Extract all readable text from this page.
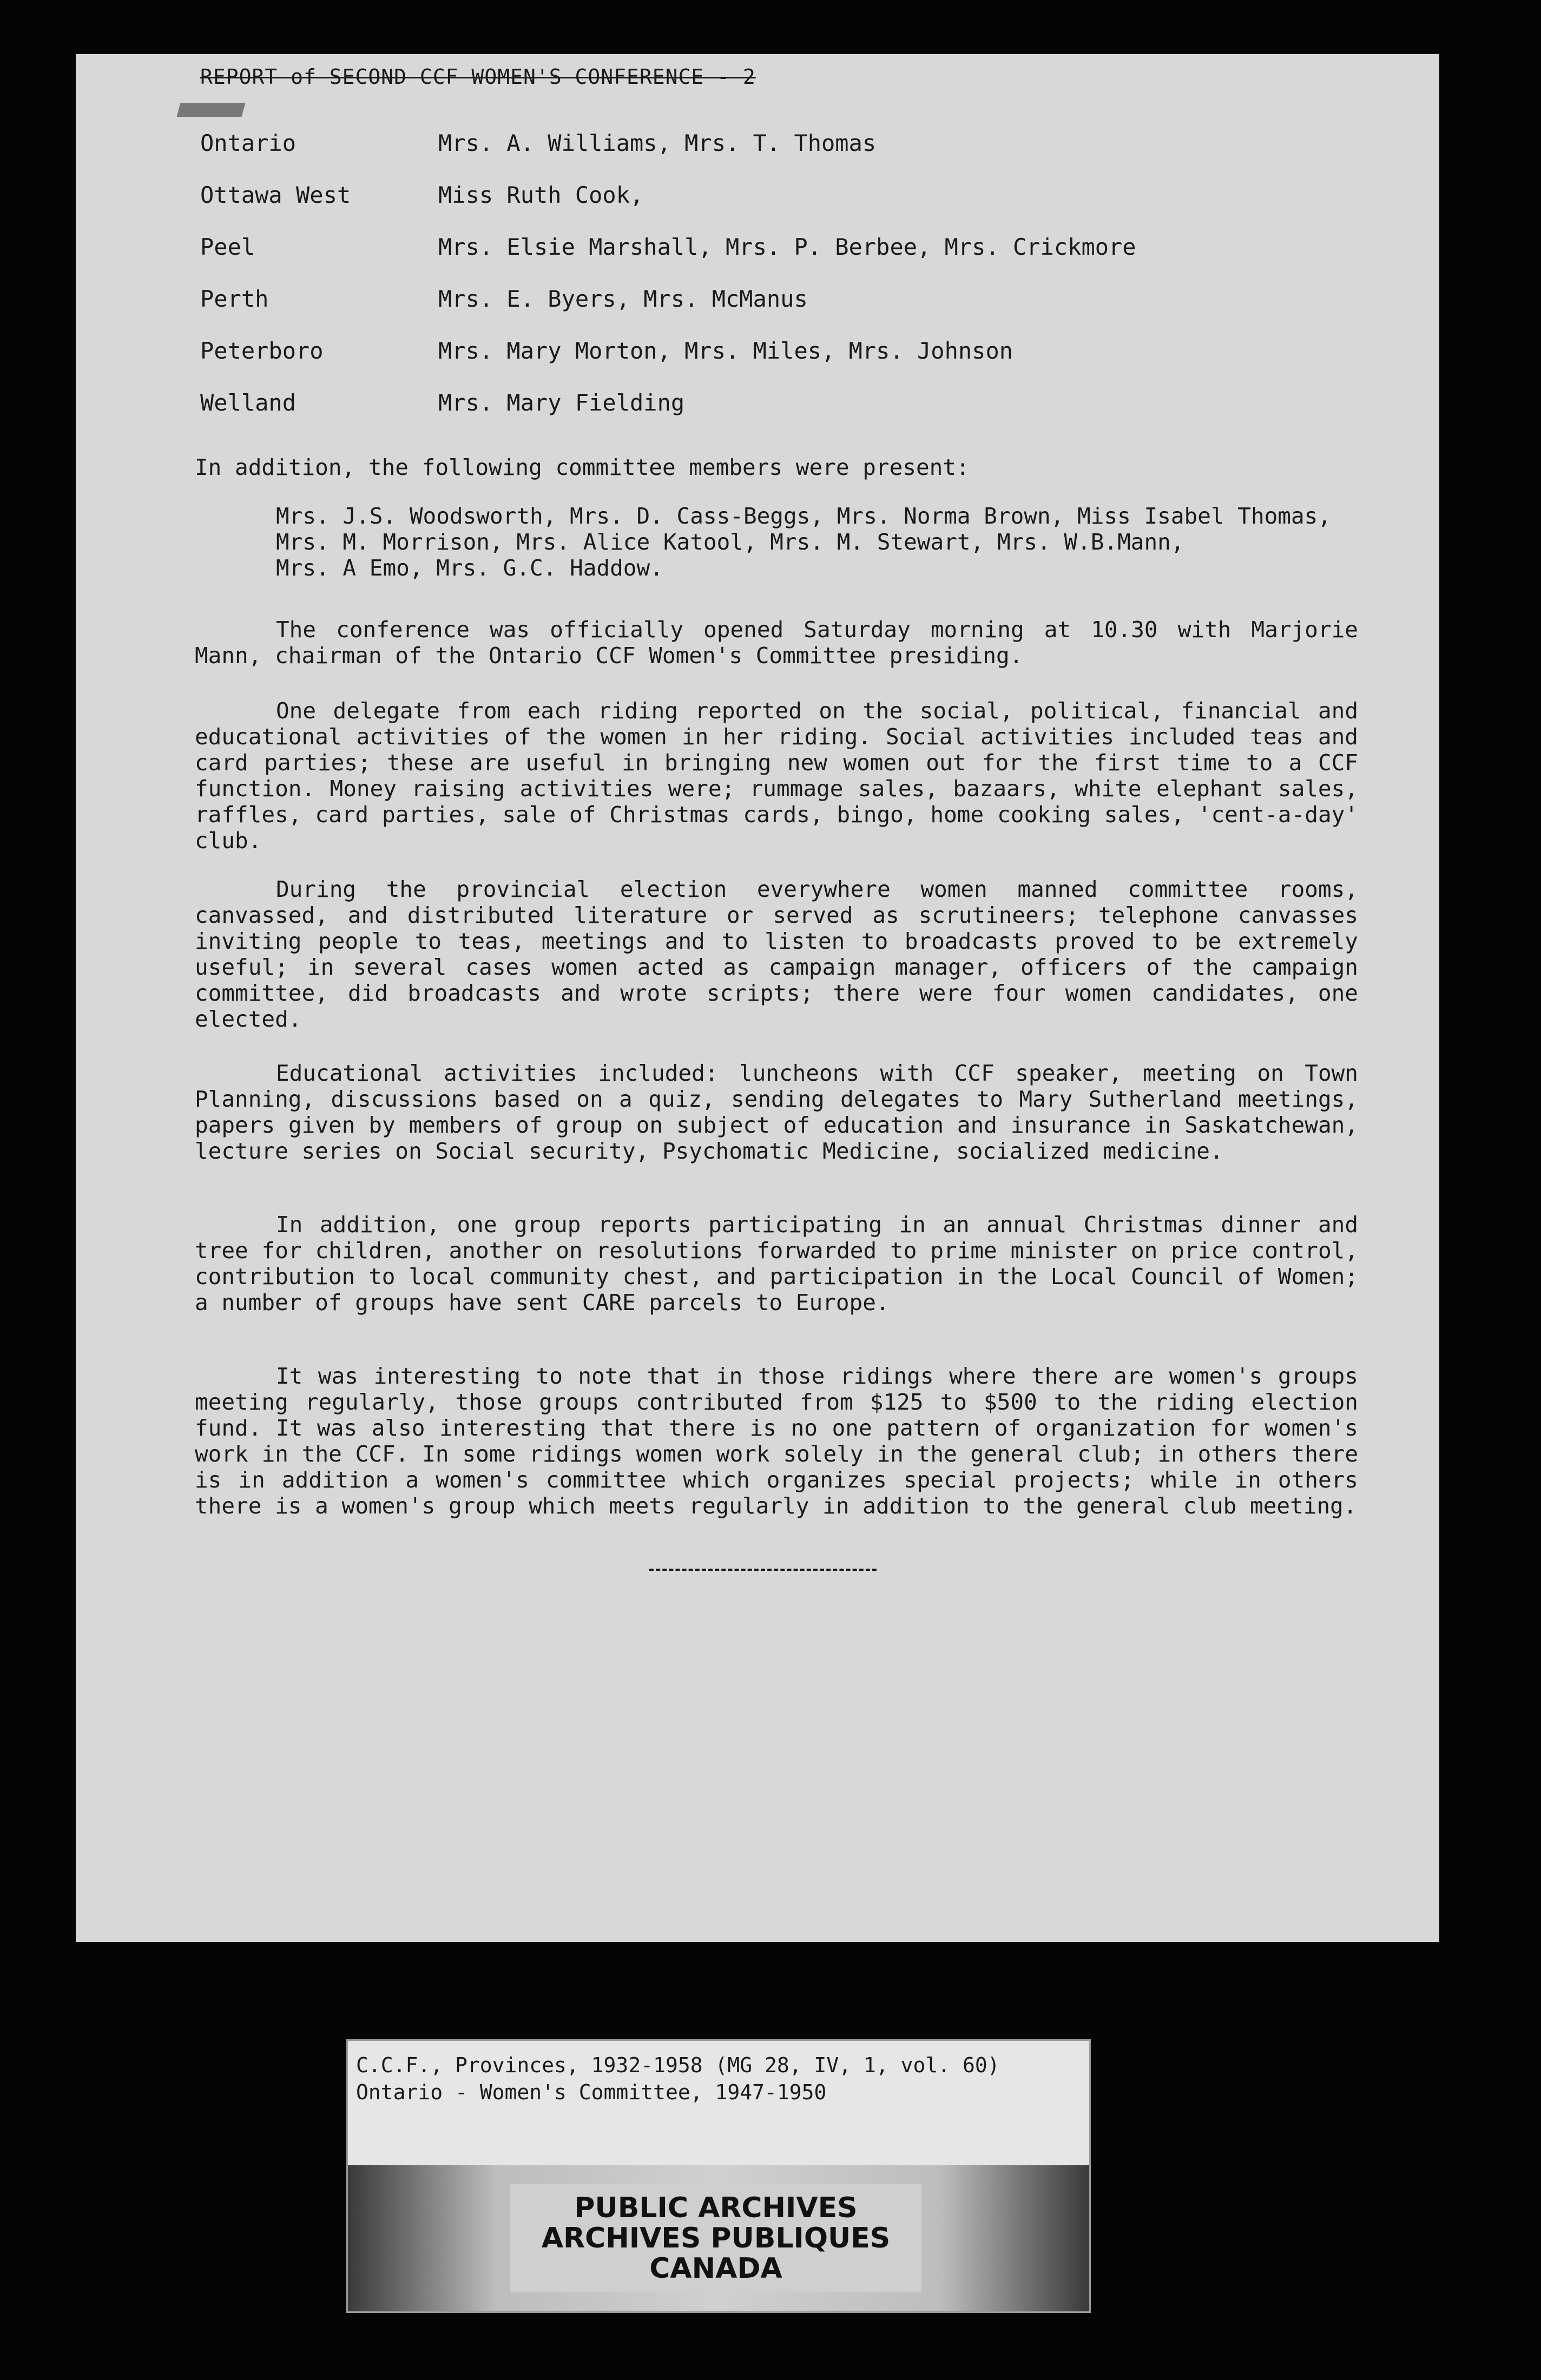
REPORT of SECOND CCF WOMEN'S CONFERENCE - 2
Ontario	Mrs. A. Williams, Mrs. T. Thomas
Ottawa West	Miss Ruth Cook,
Peel	Mrs. Elsie Marshall, Mrs. P. Berbee, Mrs. Crickmore
Perth	Mrs. E. Byers, Mrs. McManus
Peterboro	Mrs. Mary Morton, Mrs. Miles, Mrs. Johnson
Welland	Mrs. Mary Fielding
In addition, the following committee members were present:
Mrs. J.S. Woodsworth, Mrs. D. Cass-Beggs, Mrs. Norma Brown, Miss Isabel Thomas,
Mrs. M. Morrison, Mrs. Alice Katool, Mrs. M. Stewart, Mrs. W.B.Mann,
Mrs. A Emo, Mrs. G.C. Haddow.
The conference was officially opened Saturday morning at 10.30 with Marjorie Mann, chairman of the Ontario CCF Women's Committee presiding.
One delegate from each riding reported on the social, political, financial and educational activities of the women in her riding. Social activities included teas and card parties; these are useful in bringing new women out for the first time to a CCF function. Money raising activities were; rummage sales, bazaars, white elephant sales, raffles, card parties, sale of Christmas cards, bingo, home cooking sales, 'cent-a-day' club.
During the provincial election everywhere women manned committee rooms, canvassed, and distributed literature or served as scrutineers; telephone canvasses inviting people to teas, meetings and to listen to broadcasts proved to be extremely useful; in several cases women acted as campaign manager, officers of the campaign committee, did broadcasts and wrote scripts; there were four women candidates, one elected.
Educational activities included: luncheons with CCF speaker, meeting on Town Planning, discussions based on a quiz, sending delegates to Mary Sutherland meetings, papers given by members of group on subject of education and insurance in Saskatchewan, lecture series on Social security, Psychomatic Medicine, socialized medicine.
In addition, one group reports participating in an annual Christmas dinner and tree for children, another on resolutions forwarded to prime minister on price control, contribution to local community chest, and participation in the Local Council of Women; a number of groups have sent CARE parcels to Europe.
It was interesting to note that in those ridings where there are women's groups meeting regularly, those groups contributed from $125 to $500 to the riding election fund. It was also interesting that there is no one pattern of organization for women's work in the CCF. In some ridings women work solely in the general club; in others there is in addition a women's committee which organizes special projects; while in others there is a women's group which meets regularly in addition to the general club meeting.
C.C.F., Provinces, 1932-1958 (MG 28, IV, 1, vol. 60)
Ontario - Women's Committee, 1947-1950
PUBLIC ARCHIVES
ARCHIVES PUBLIQUES
CANADA
